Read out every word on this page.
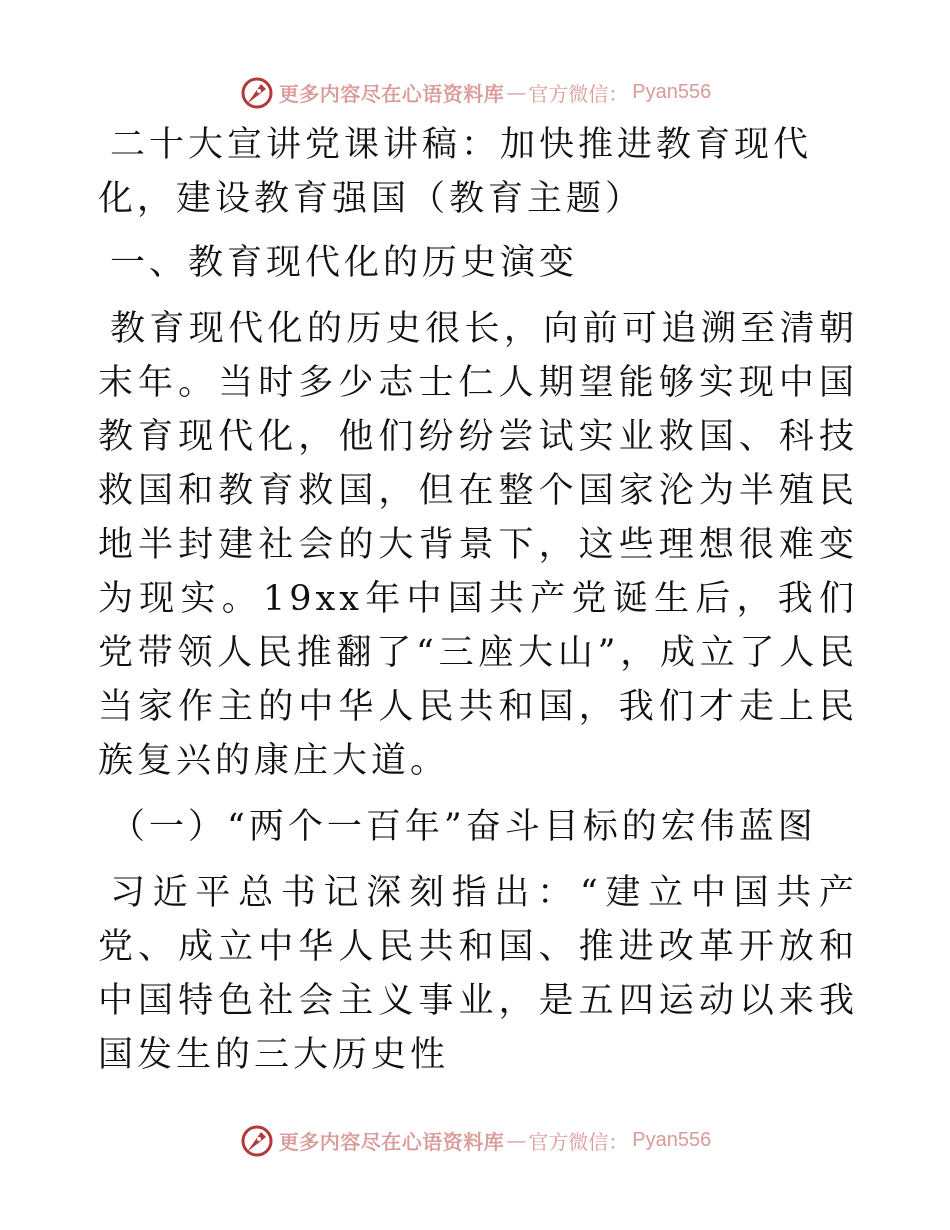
更多内容尽在心语资料库 — 官方微信： Pyan556

二十大宣讲党课讲稿：加快推进教育现代化，建设教育强国（教育主题）

一、教育现代化的历史演变

教育现代化的历史很长，向前可追溯至清朝末年。当时多少志士仁人期望能够实现中国教育现代化，他们纷纷尝试实业救国、科技救国和教育救国，但在整个国家沦为半殖民地半封建社会的大背景下，这些理想很难变为现实。19xx年中国共产党诞生后，我们党带领人民推翻了“三座大山”，成立了人民当家作主的中华人民共和国，我们才走上民族复兴的康庄大道。

（一）“两个一百年”奋斗目标的宏伟蓝图

习近平总书记深刻指出：“建立中国共产党、成立中华人民共和国、推进改革开放和中国特色社会主义事业，是五四运动以来我国发生的三大历史性

更多内容尽在心语资料库 — 官方微信： Pyan556
